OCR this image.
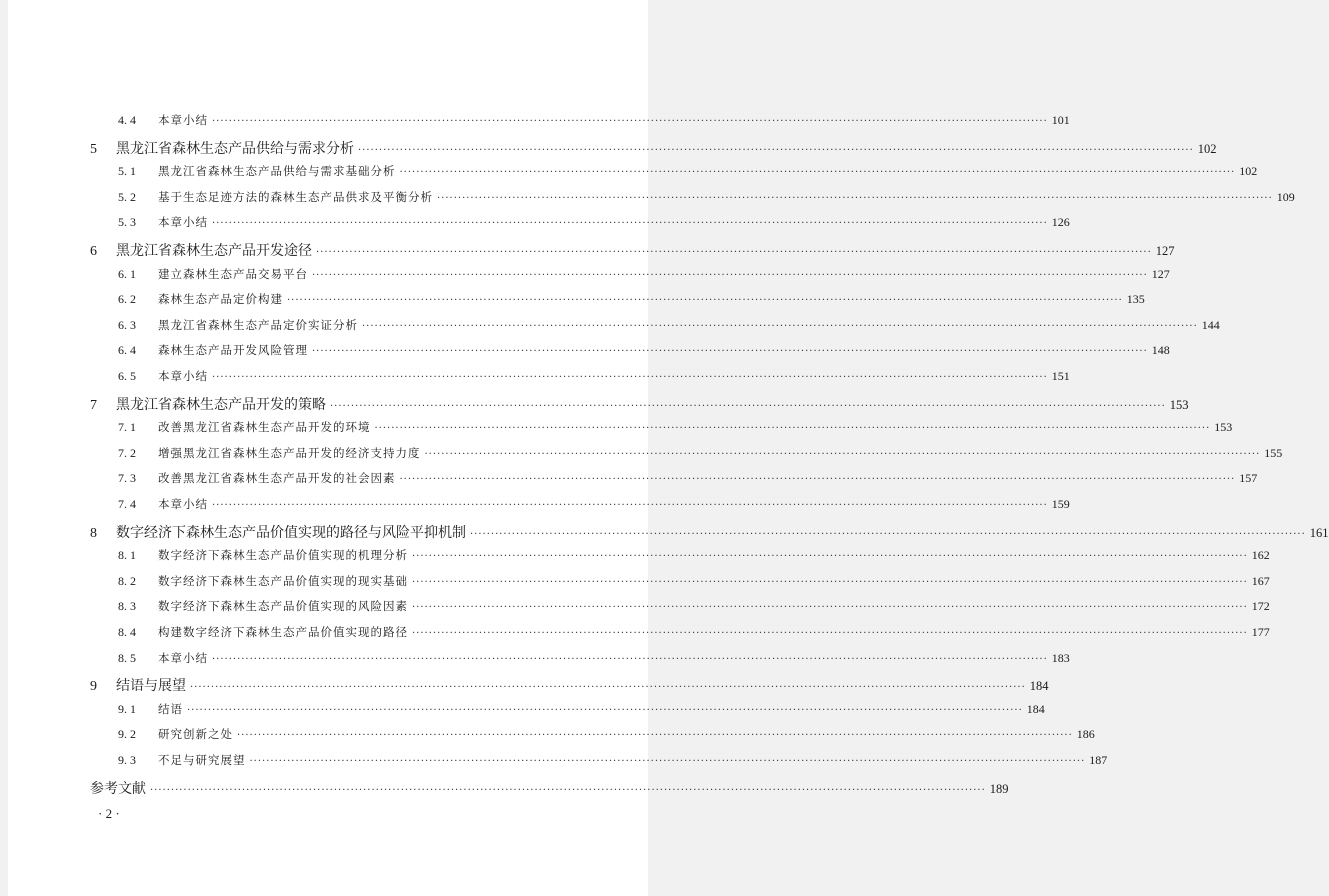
4. 4	本章小结 ········································································································································································································ 101
5	黑龙江省森林生态产品供给与需求分析 ········································································································································································································ 102
5. 1	黑龙江省森林生态产品供给与需求基础分析 ········································································································································································································ 102
5. 2	基于生态足迹方法的森林生态产品供求及平衡分析 ········································································································································································································ 109
5. 3	本章小结 ········································································································································································································ 126
6	黑龙江省森林生态产品开发途径 ········································································································································································································ 127
6. 1	建立森林生态产品交易平台 ········································································································································································································ 127
6. 2	森林生态产品定价构建 ········································································································································································································ 135
6. 3	黑龙江省森林生态产品定价实证分析 ········································································································································································································ 144
6. 4	森林生态产品开发风险管理 ········································································································································································································ 148
6. 5	本章小结 ········································································································································································································ 151
7	黑龙江省森林生态产品开发的策略 ········································································································································································································ 153
7. 1	改善黑龙江省森林生态产品开发的环境 ········································································································································································································ 153
7. 2	增强黑龙江省森林生态产品开发的经济支持力度 ········································································································································································································ 155
7. 3	改善黑龙江省森林生态产品开发的社会因素 ········································································································································································································ 157
7. 4	本章小结 ········································································································································································································ 159
8	数字经济下森林生态产品价值实现的路径与风险平抑机制 ········································································································································································································ 161
8. 1	数字经济下森林生态产品价值实现的机理分析 ········································································································································································································ 162
8. 2	数字经济下森林生态产品价值实现的现实基础 ········································································································································································································ 167
8. 3	数字经济下森林生态产品价值实现的风险因素 ········································································································································································································ 172
8. 4	构建数字经济下森林生态产品价值实现的路径 ········································································································································································································ 177
8. 5	本章小结 ········································································································································································································ 183
9	结语与展望 ········································································································································································································ 184
9. 1	结语 ········································································································································································································ 184
9. 2	研究创新之处 ········································································································································································································ 186
9. 3	不足与研究展望 ········································································································································································································ 187
参考文献 ········································································································································································································ 189
· 2 ·
